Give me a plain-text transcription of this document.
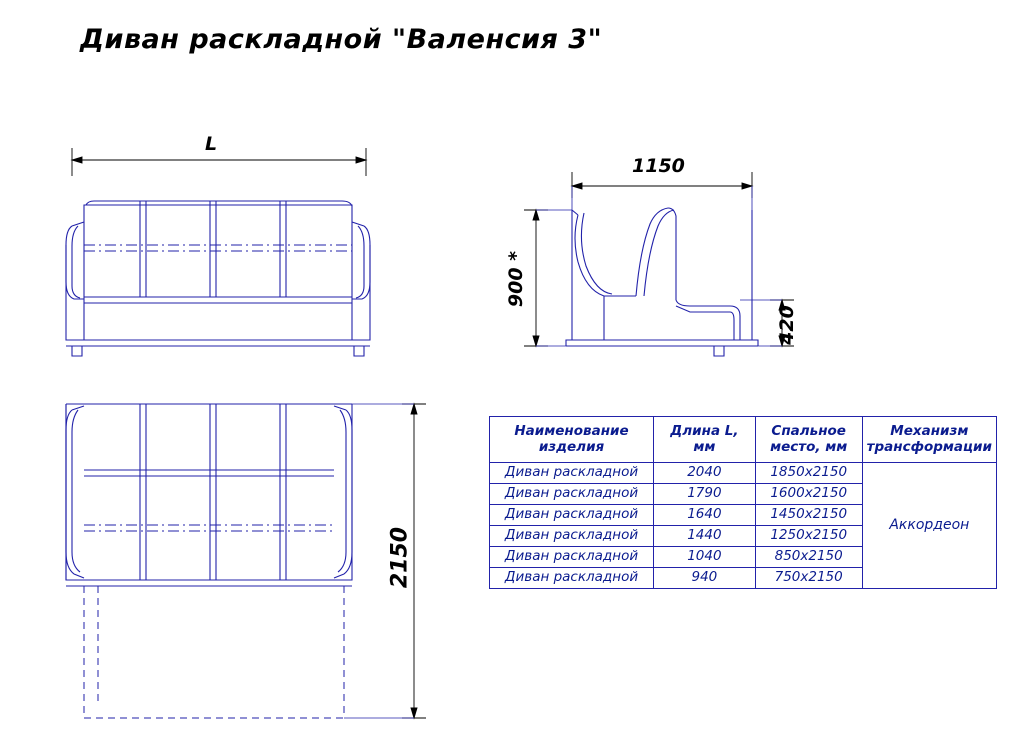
Диван раскладной "Валенсия 3"
L
1150
900 *
420
2150
Наименование
изделия

Длина L, мм

Спальное
место, мм

Механизм
трансформации

Диван раскладной	2040	1850х2150	Аккордеон
Диван раскладной	1790	1600х2150	
Диван раскладной	1640	1450х2150	
Диван раскладной	1440	1250х2150	
Диван раскладной	1040	850х2150	
Диван раскладной	940	750х2150	
